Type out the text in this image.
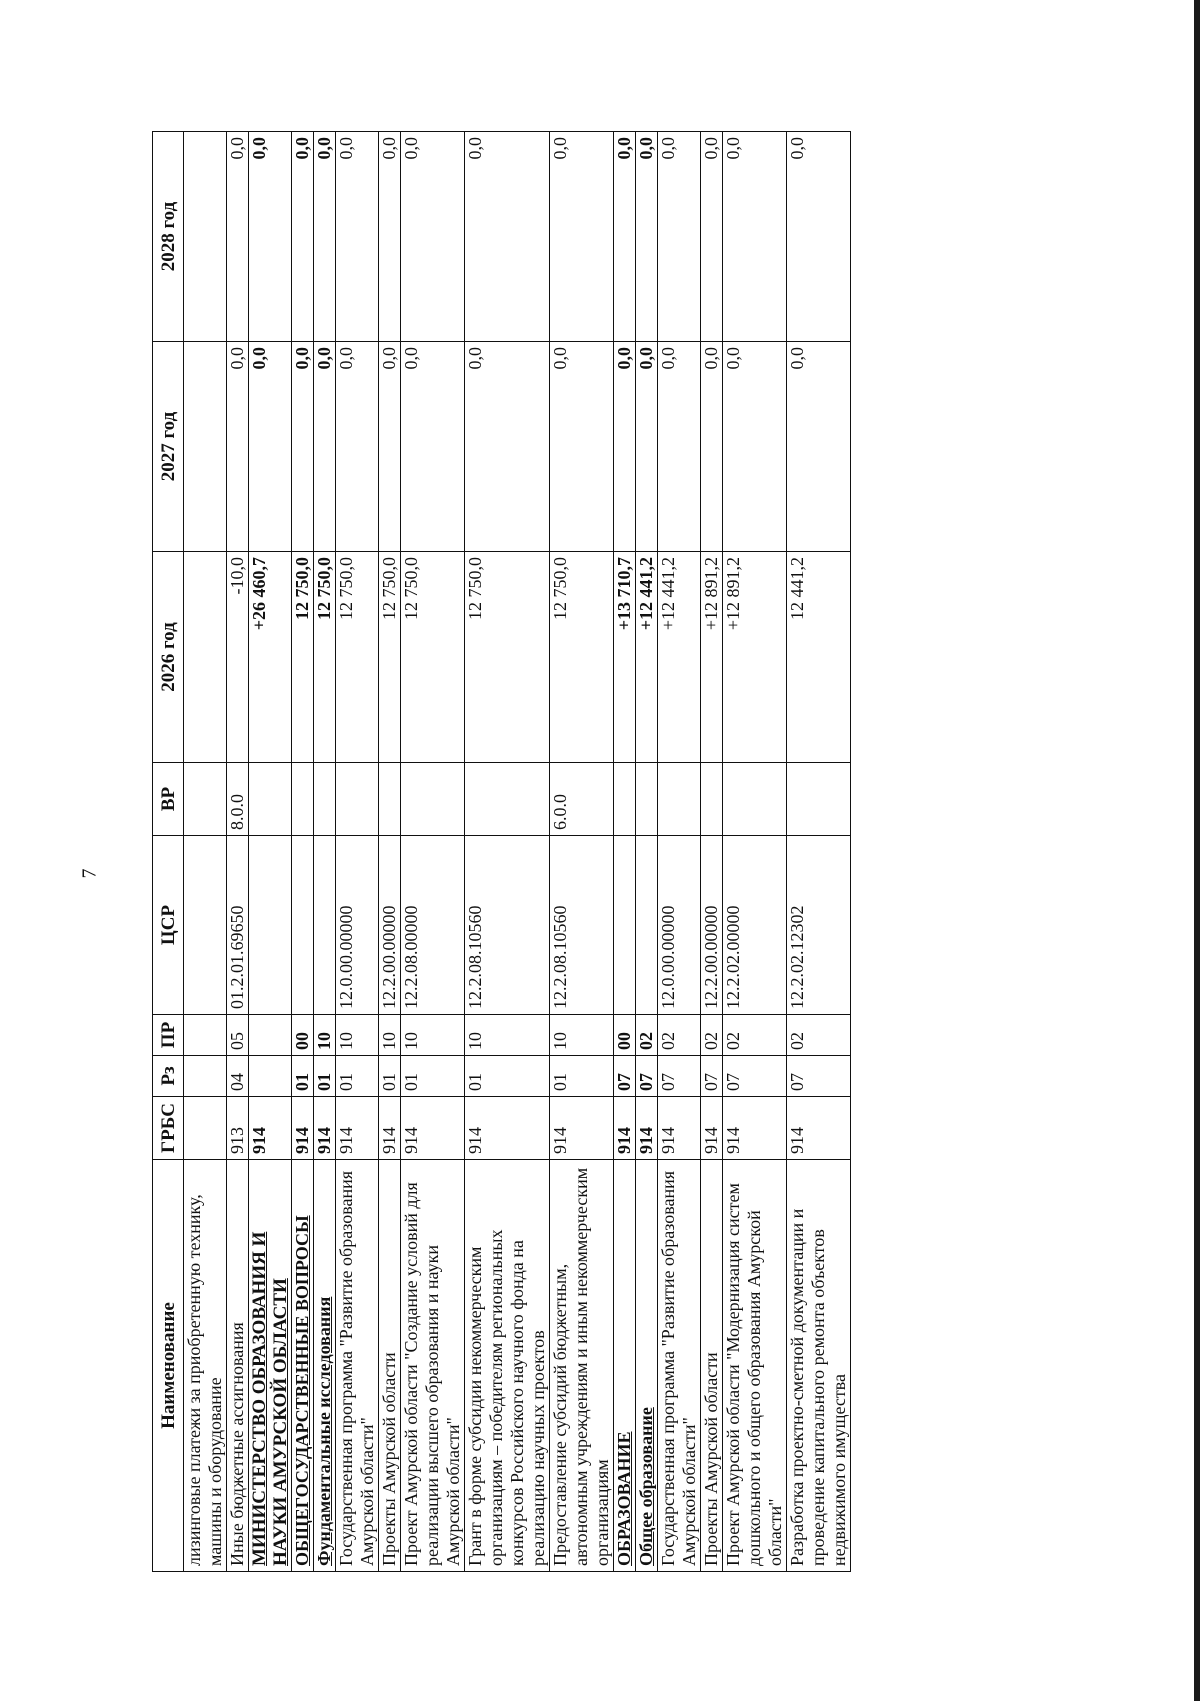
7
Наименование	ГРБС	Рз	ПР	ЦСР	ВР	2026 год	2027 год	2028 год
лизинговые платежи за приобретенную технику, машины и оборудование								
Иные бюджетные ассигнования	913	04	05	01.2.01.69650	8.0.0	-10,0	0,0	0,0
МИНИСТЕРСТВО ОБРАЗОВАНИЯ И НАУКИ АМУРСКОЙ ОБЛАСТИ	914					+26 460,7	0,0	0,0
ОБЩЕГОСУДАРСТВЕННЫЕ ВОПРОСЫ	914	01	00			12 750,0	0,0	0,0
Фундаментальные исследования	914	01	10			12 750,0	0,0	0,0
Государственная программа "Развитие образования Амурской области"	914	01	10	12.0.00.00000		12 750,0	0,0	0,0
Проекты Амурской области	914	01	10	12.2.00.00000		12 750,0	0,0	0,0
Проект Амурской области "Создание условий для реализации высшего образования и науки Амурской области"	914	01	10	12.2.08.00000		12 750,0	0,0	0,0
Грант в форме субсидии некоммерческим организациям – победителям региональных конкурсов Российского научного фонда на реализацию научных проектов	914	01	10	12.2.08.10560		12 750,0	0,0	0,0
Предоставление субсидий бюджетным, автономным учреждениям и иным некоммерческим организациям	914	01	10	12.2.08.10560	6.0.0	12 750,0	0,0	0,0
ОБРАЗОВАНИЕ	914	07	00			+13 710,7	0,0	0,0
Общее образование	914	07	02			+12 441,2	0,0	0,0
Государственная программа "Развитие образования Амурской области"	914	07	02	12.0.00.00000		+12 441,2	0,0	0,0
Проекты Амурской области	914	07	02	12.2.00.00000		+12 891,2	0,0	0,0
Проект Амурской области "Модернизация систем дошкольного и общего образования Амурской области"	914	07	02	12.2.02.00000		+12 891,2	0,0	0,0
Разработка проектно-сметной документации и проведение капитального ремонта объектов недвижимого имущества	914	07	02	12.2.02.12302		12 441,2	0,0	0,0
